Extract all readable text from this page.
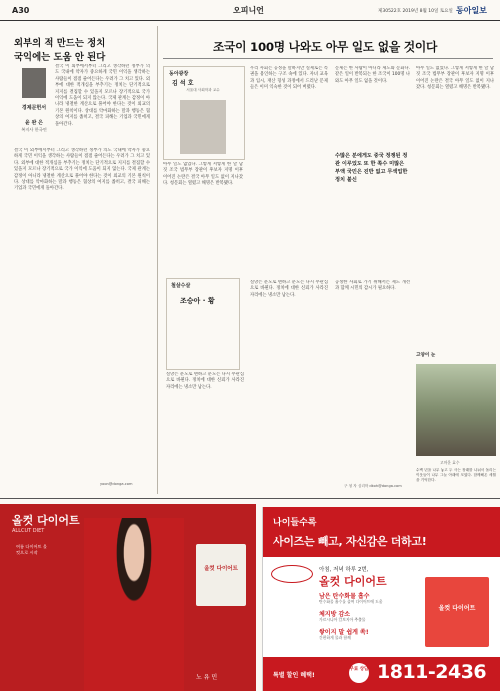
A30	오피니언	제30522호 2019년 8월 10일 토요일 동아일보
외부의 적 만드는 정치
국익에는 도움 안 된다
경제문헌서
윤 완 은
복지사 한국연
결국 이 외부에서부터 그리고 생각하던 정부가 의도 국내에 약자가 중요하게 국민 이익을 생각하는 사람들이 점점 줄어든다는 우려가 그 치고 있다. 외부에 대한 적개심을 부추기는 정치는 단기적으로 지지를 결집할 수 있을지 모르나 장기적으로 국가 이익에 도움이 되지 않는다. 국제 관계는 감정이 아니라 냉철한 계산으로 풀어야 한다는 것이 외교의 기본 원칙이다. 상대를 악마화하는 말과 행동은 협상의 여지를 좁히고, 결국 피해는 기업과 국민에게 돌아간다.
결국 이 외부에서부터 그리고 생각하던 정부가 의도 국내에 약자가 중요하게 국민 이익을 생각하는 사람들이 점점 줄어든다는 우려가 그 치고 있다. 외부에 대한 적개심을 부추기는 정치는 단기적으로 지지를 결집할 수 있을지 모르나 장기적으로 국가 이익에 도움이 되지 않는다. 국제 관계는 감정이 아니라 냉철한 계산으로 풀어야 한다는 것이 외교의 기본 원칙이다. 상대를 악마화하는 말과 행동은 협상의 여지를 좁히고, 결국 피해는 기업과 국민에게 돌아간다.
yoon@donga.com
조국이 100명 나와도 아무 일도 없을 것이다
동아광장
김 석 호
서울대 사회학과 교수
아무 일도 없었다. 그렇게 저렇게 한 달 남짓 조국 법무부 장관이 후보자 지명 이후 이어진 논란은 결국 아무 일도 없이 지나갔다. 청문회는 열렸고 해명은 반복됐다.
우리 사회는 공정을 말하지만 실제로는 특권을 용인하는 구조 속에 있다. 자녀 교육과 입시, 재산 형성 과정에서 드러난 문제들은 이미 익숙한 것이 되어 버렸다.
문제는 한 사람이 아니라 제도와 문화다. 같은 일이 반복되는 한 조국이 100명 나와도 아무 일도 없을 것이다.
아무 일도 없었다. 그렇게 저렇게 한 달 남짓 조국 법무부 장관이 후보자 지명 이후 이어진 논란은 결국 아무 일도 없이 지나갔다. 청문회는 열렸고 해명은 반복됐다.
수많은 분에게도 중국 정쟁된 정관 이루었도 또 한 쪽수 미많은 부액 국민은 진반 없고 무색업한 정치 불신
실망은 분노로 변하고 분노는 다시 무관심으로 바뀐다. 정치에 대한 신뢰가 사라진 자리에는 냉소만 남는다.
공정한 사회로 가기 위해서는 제도 개선과 함께 시민의 감시가 필요하다.
구 청 자 심리학 dkoh@donga.com
철살수살
조승아 · 황
실망은 분노로 변하고 분노는 다시 무관심으로 바뀐다. 정치에 대한 신뢰가 사라진 자리에는 냉소만 남는다.
고양이 눈
고마운 효수
수백 년을 나무 놓고 두 사는 장래를 나눠서 돌리는 이웃들이 나무 그늘 아래에 모였다. 함께해온 세월을 기억한다.
올컷 다이어트
ALLCUT DIET
여름 다이어트 올컷으로 시작
올컷 다이어트
노 유 민
나이들수록
사이즈는 빼고, 자신감은 더하고!
아침, 저녁 하루 2번,
올컷 다이어트
남은 탄수화물 흡수
탄수화물 흡수를 줄여 다이어트에 도움
체지방 감소
가르시니아 캄보지아 추출물
쌓이지 말 쉽게 쏙!
간편하게 물과 함께
올컷 다이어트
특별 할인 혜택!
무료 상담 1811-2436
